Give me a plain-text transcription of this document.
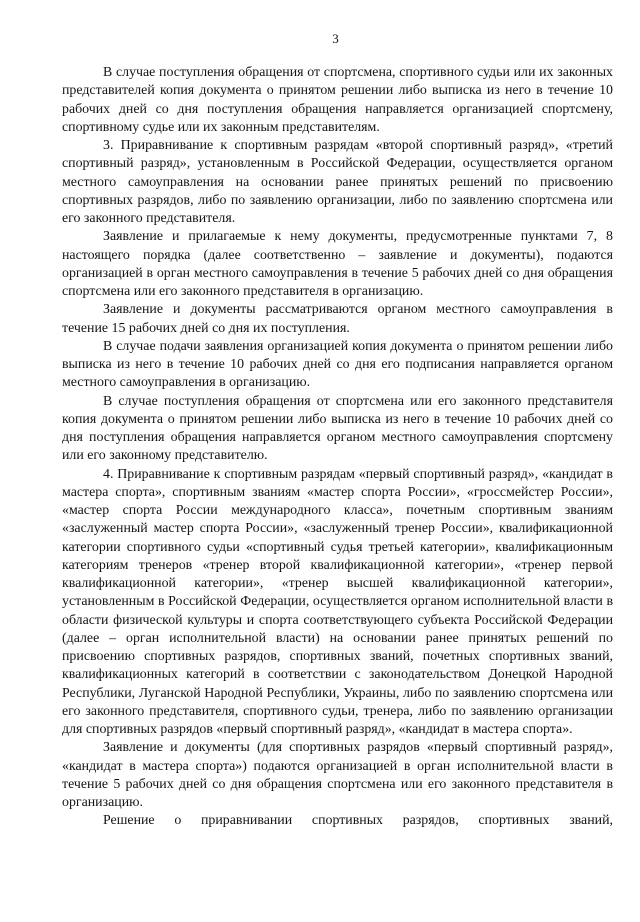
3

В случае поступления обращения от спортсмена, спортивного судьи или их законных представителей копия документа о принятом решении либо выписка из него в течение 10 рабочих дней со дня поступления обращения направляется организацией спортсмену, спортивному судье или их законным представителям.

3. Приравнивание к спортивным разрядам «второй спортивный разряд», «третий спортивный разряд», установленным в Российской Федерации, осуществляется органом местного самоуправления на основании ранее принятых решений по присвоению спортивных разрядов, либо по заявлению организации, либо по заявлению спортсмена или его законного представителя.

Заявление и прилагаемые к нему документы, предусмотренные пунктами 7, 8 настоящего порядка (далее соответственно – заявление и документы), подаются организацией в орган местного самоуправления в течение 5 рабочих дней со дня обращения спортсмена или его законного представителя в организацию.

Заявление и документы рассматриваются органом местного самоуправления в течение 15 рабочих дней со дня их поступления.

В случае подачи заявления организацией копия документа о принятом решении либо выписка из него в течение 10 рабочих дней со дня его подписания направляется органом местного самоуправления в организацию.

В случае поступления обращения от спортсмена или его законного представителя копия документа о принятом решении либо выписка из него в течение 10 рабочих дней со дня поступления обращения направляется органом местного самоуправления спортсмену или его законному представителю.

4. Приравнивание к спортивным разрядам «первый спортивный разряд», «кандидат в мастера спорта», спортивным званиям «мастер спорта России», «гроссмейстер России», «мастер спорта России международного класса», почетным спортивным званиям «заслуженный мастер спорта России», «заслуженный тренер России», квалификационной категории спортивного судьи «спортивный судья третьей категории», квалификационным категориям тренеров «тренер второй квалификационной категории», «тренер первой квалификационной категории», «тренер высшей квалификационной категории», установленным в Российской Федерации, осуществляется органом исполнительной власти в области физической культуры и спорта соответствующего субъекта Российской Федерации (далее – орган исполнительной власти) на основании ранее принятых решений по присвоению спортивных разрядов, спортивных званий, почетных спортивных званий, квалификационных категорий в соответствии с законодательством Донецкой Народной Республики, Луганской Народной Республики, Украины, либо по заявлению спортсмена или его законного представителя, спортивного судьи, тренера, либо по заявлению организации для спортивных разрядов «первый спортивный разряд», «кандидат в мастера спорта».

Заявление и документы (для спортивных разрядов «первый спортивный разряд», «кандидат в мастера спорта») подаются организацией в орган исполнительной власти в течение 5 рабочих дней со дня обращения спортсмена или его законного представителя в организацию.

Решение о приравнивании спортивных разрядов, спортивных званий,
